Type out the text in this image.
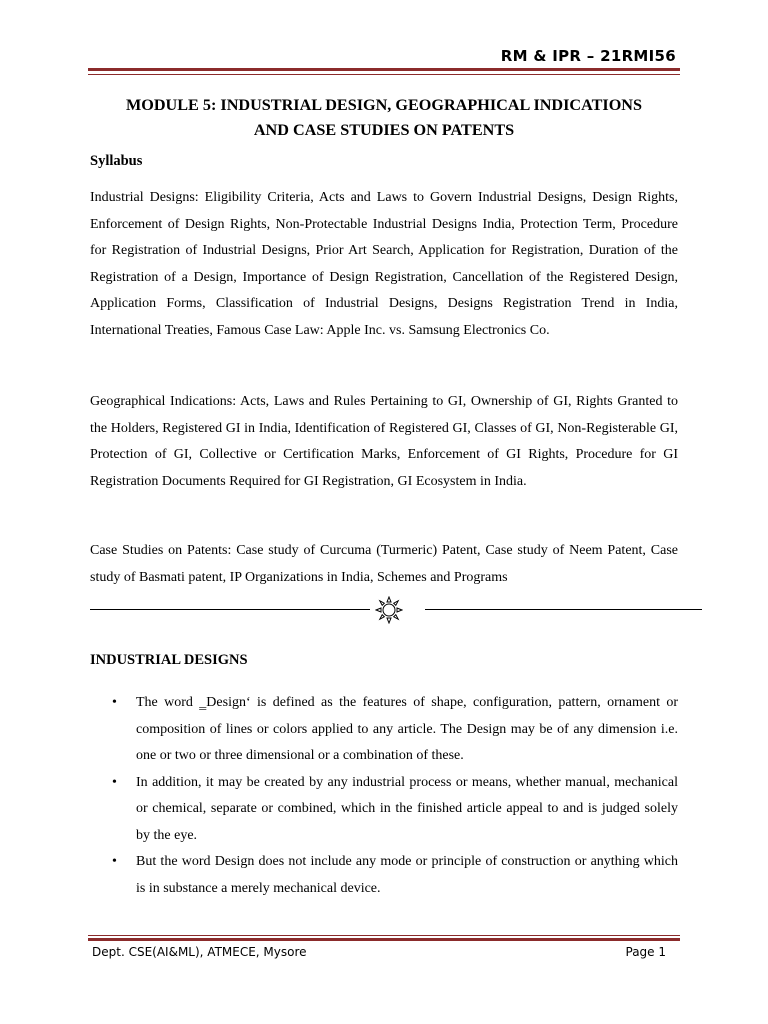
RM & IPR – 21RMI56
MODULE 5: INDUSTRIAL DESIGN, GEOGRAPHICAL INDICATIONS
AND CASE STUDIES ON PATENTS
Syllabus

Industrial Designs: Eligibility Criteria, Acts and Laws to Govern Industrial Designs, Design Rights, Enforcement of Design Rights, Non-Protectable Industrial Designs India, Protection Term, Procedure for Registration of Industrial Designs, Prior Art Search, Application for Registration, Duration of the Registration of a Design, Importance of Design Registration, Cancellation of the Registered Design, Application Forms, Classification of Industrial Designs, Designs Registration Trend in India, International Treaties, Famous Case Law: Apple Inc. vs. Samsung Electronics Co.

Geographical Indications: Acts, Laws and Rules Pertaining to GI, Ownership of GI, Rights Granted to the Holders, Registered GI in India, Identification of Registered GI, Classes of GI, Non-Registerable GI, Protection of GI, Collective or Certification Marks, Enforcement of GI Rights, Procedure for GI Registration Documents Required for GI Registration, GI Ecosystem in India.

Case Studies on Patents: Case study of Curcuma (Turmeric) Patent, Case study of Neem Patent, Case study of Basmati patent, IP Organizations in India, Schemes and Programs

INDUSTRIAL DESIGNS
• The word ‗Design‘ is defined as the features of shape, configuration, pattern, ornament or composition of lines or colors applied to any article. The Design may be of any dimension i.e. one or two or three dimensional or a combination of these.
• In addition, it may be created by any industrial process or means, whether manual, mechanical or chemical, separate or combined, which in the finished article appeal to and is judged solely by the eye.
• But the word Design does not include any mode or principle of construction or anything which is in substance a merely mechanical device.
Dept. CSE(AI&ML), ATMECE, Mysore	Page 1
